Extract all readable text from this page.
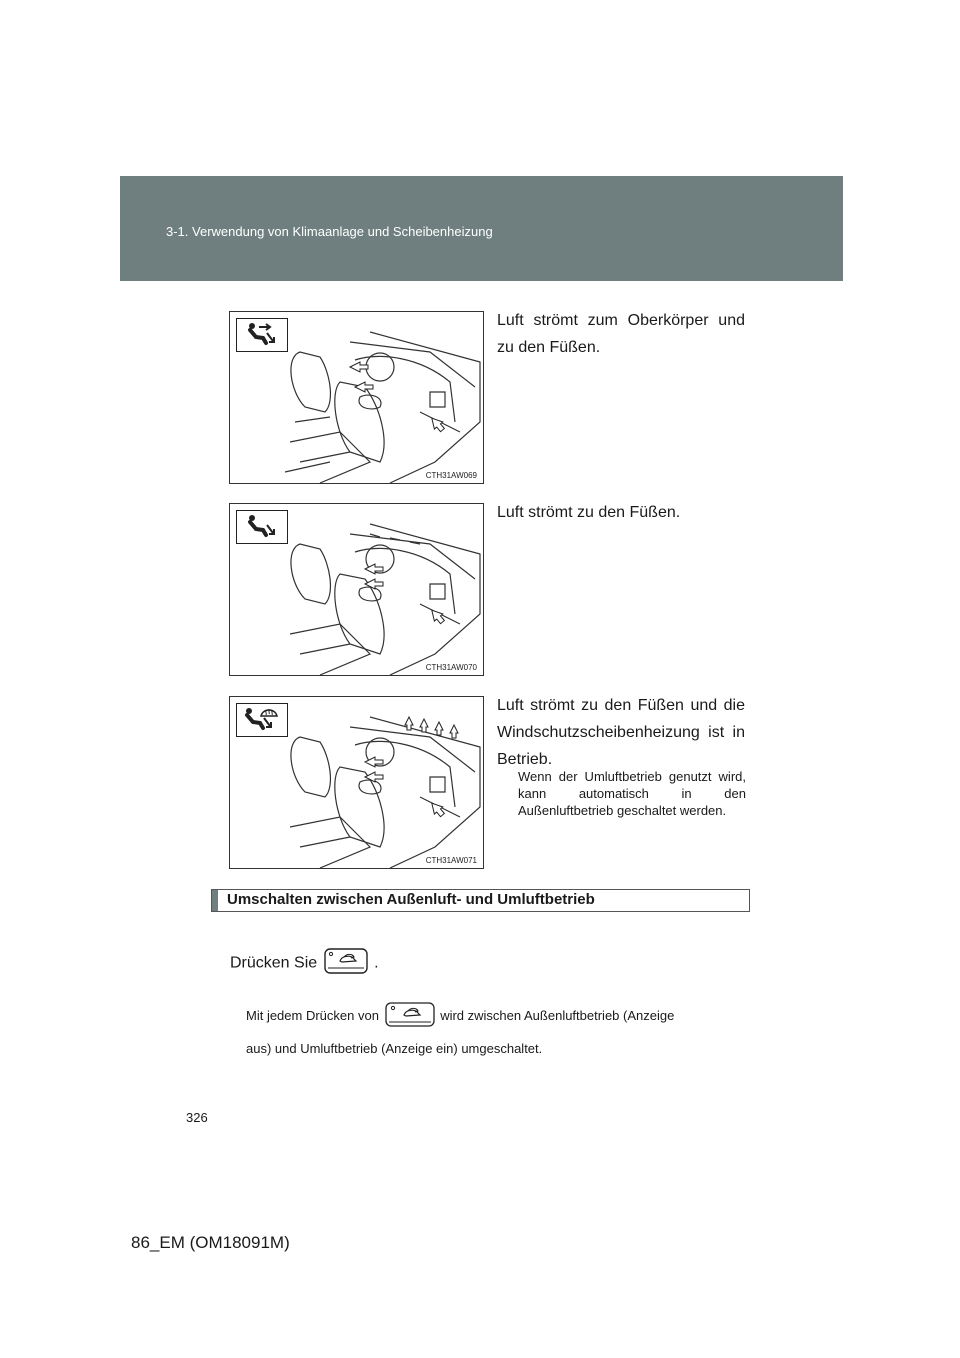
3-1. Verwendung von Klimaanlage und Scheibenheizung
CTH31AW069
Luft strömt zum Oberkörper und zu den Füßen.
CTH31AW070
Luft strömt zu den Füßen.
CTH31AW071
Luft strömt zu den Füßen und die Windschutzscheibenheizung ist in Betrieb.
Wenn der Umluftbetrieb genutzt wird, kann automatisch in den Außenluftbetrieb geschaltet werden.
Umschalten zwischen Außenluft- und Umluftbetrieb
Drücken Sie	.
Mit jedem Drücken von	wird zwischen Außenluftbetrieb (Anzeige
aus) und Umluftbetrieb (Anzeige ein) umgeschaltet.
326
86_EM (OM18091M)
